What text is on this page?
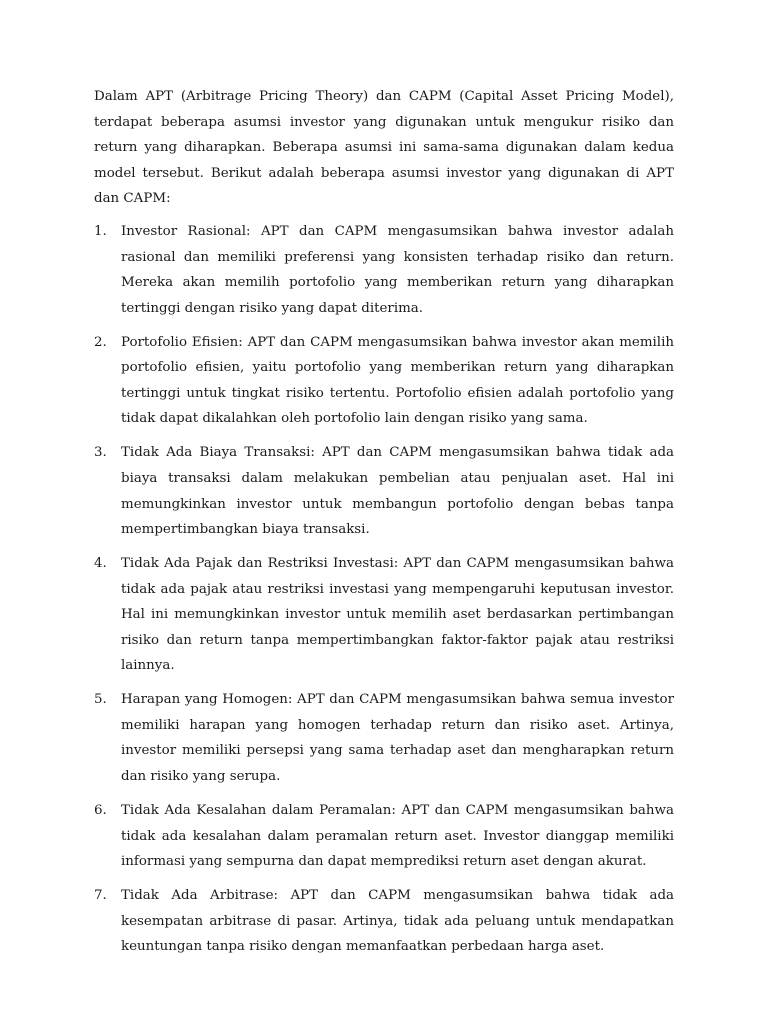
Dalam APT (Arbitrage Pricing Theory) dan CAPM (Capital Asset Pricing Model), terdapat beberapa asumsi investor yang digunakan untuk mengukur risiko dan return yang diharapkan. Beberapa asumsi ini sama-sama digunakan dalam kedua model tersebut. Berikut adalah beberapa asumsi investor yang digunakan di APT dan CAPM:

1.	Investor Rasional: APT dan CAPM mengasumsikan bahwa investor adalah rasional dan memiliki preferensi yang konsisten terhadap risiko dan return. Mereka akan memilih portofolio yang memberikan return yang diharapkan tertinggi dengan risiko yang dapat diterima.
2.	Portofolio Efisien: APT dan CAPM mengasumsikan bahwa investor akan memilih portofolio efisien, yaitu portofolio yang memberikan return yang diharapkan tertinggi untuk tingkat risiko tertentu. Portofolio efisien adalah portofolio yang tidak dapat dikalahkan oleh portofolio lain dengan risiko yang sama.
3.	Tidak Ada Biaya Transaksi: APT dan CAPM mengasumsikan bahwa tidak ada biaya transaksi dalam melakukan pembelian atau penjualan aset. Hal ini memungkinkan investor untuk membangun portofolio dengan bebas tanpa mempertimbangkan biaya transaksi.
4.	Tidak Ada Pajak dan Restriksi Investasi: APT dan CAPM mengasumsikan bahwa tidak ada pajak atau restriksi investasi yang mempengaruhi keputusan investor. Hal ini memungkinkan investor untuk memilih aset berdasarkan pertimbangan risiko dan return tanpa mempertimbangkan faktor-faktor pajak atau restriksi lainnya.
5.	Harapan yang Homogen: APT dan CAPM mengasumsikan bahwa semua investor memiliki harapan yang homogen terhadap return dan risiko aset. Artinya, investor memiliki persepsi yang sama terhadap aset dan mengharapkan return dan risiko yang serupa.
6.	Tidak Ada Kesalahan dalam Peramalan: APT dan CAPM mengasumsikan bahwa tidak ada kesalahan dalam peramalan return aset. Investor dianggap memiliki informasi yang sempurna dan dapat memprediksi return aset dengan akurat.
7.	Tidak Ada Arbitrase: APT dan CAPM mengasumsikan bahwa tidak ada kesempatan arbitrase di pasar. Artinya, tidak ada peluang untuk mendapatkan keuntungan tanpa risiko dengan memanfaatkan perbedaan harga aset.
